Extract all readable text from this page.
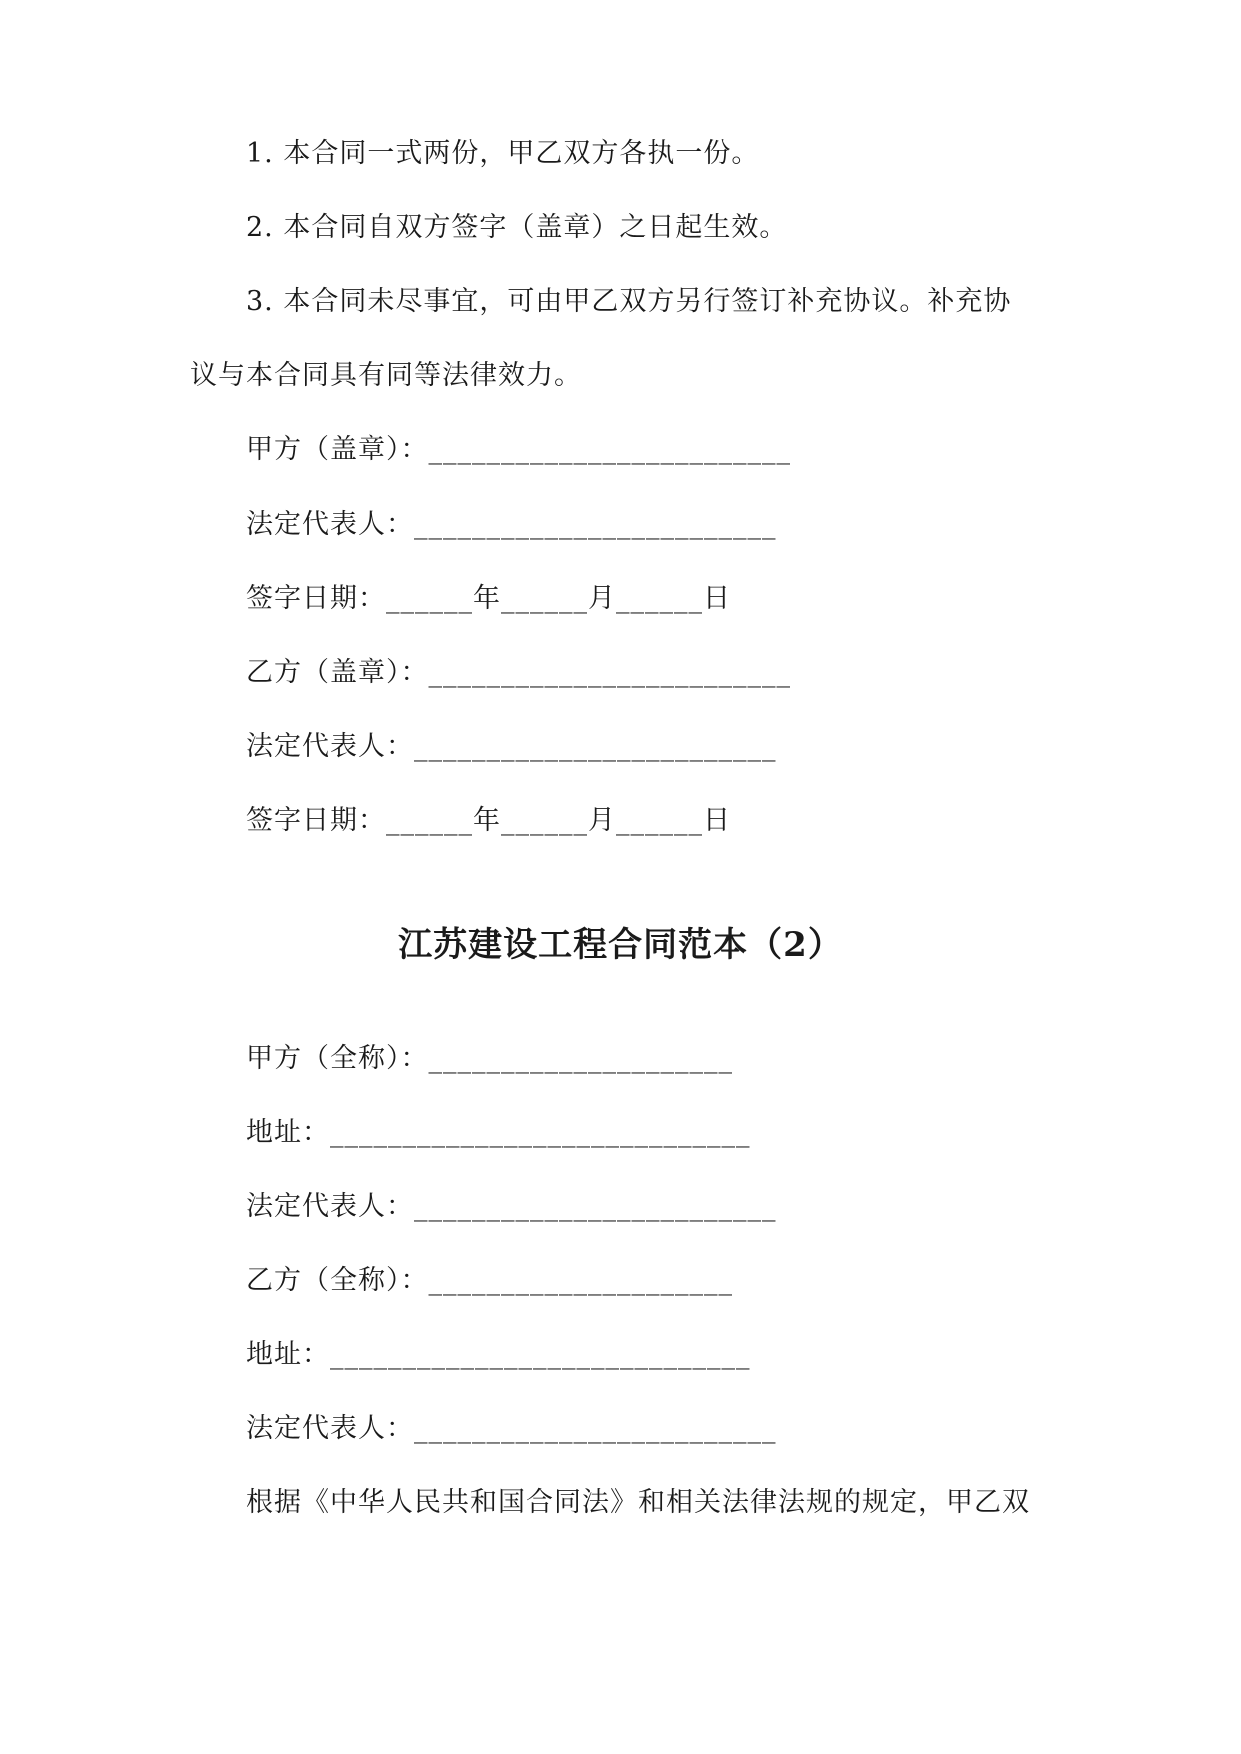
1. 本合同一式两份，甲乙双方各执一份。
2. 本合同自双方签字（盖章）之日起生效。
3. 本合同未尽事宜，可由甲乙双方另行签订补充协议。补充协
议与本合同具有同等法律效力。
甲方（盖章）：_________________________
法定代表人：_________________________
签字日期：______年______月______日
乙方（盖章）：_________________________
法定代表人：_________________________
签字日期：______年______月______日
江苏建设工程合同范本（2）
甲方（全称）：_____________________
地址：_____________________________
法定代表人：_________________________
乙方（全称）：_____________________
地址：_____________________________
法定代表人：_________________________
根据《中华人民共和国合同法》和相关法律法规的规定，甲乙双
